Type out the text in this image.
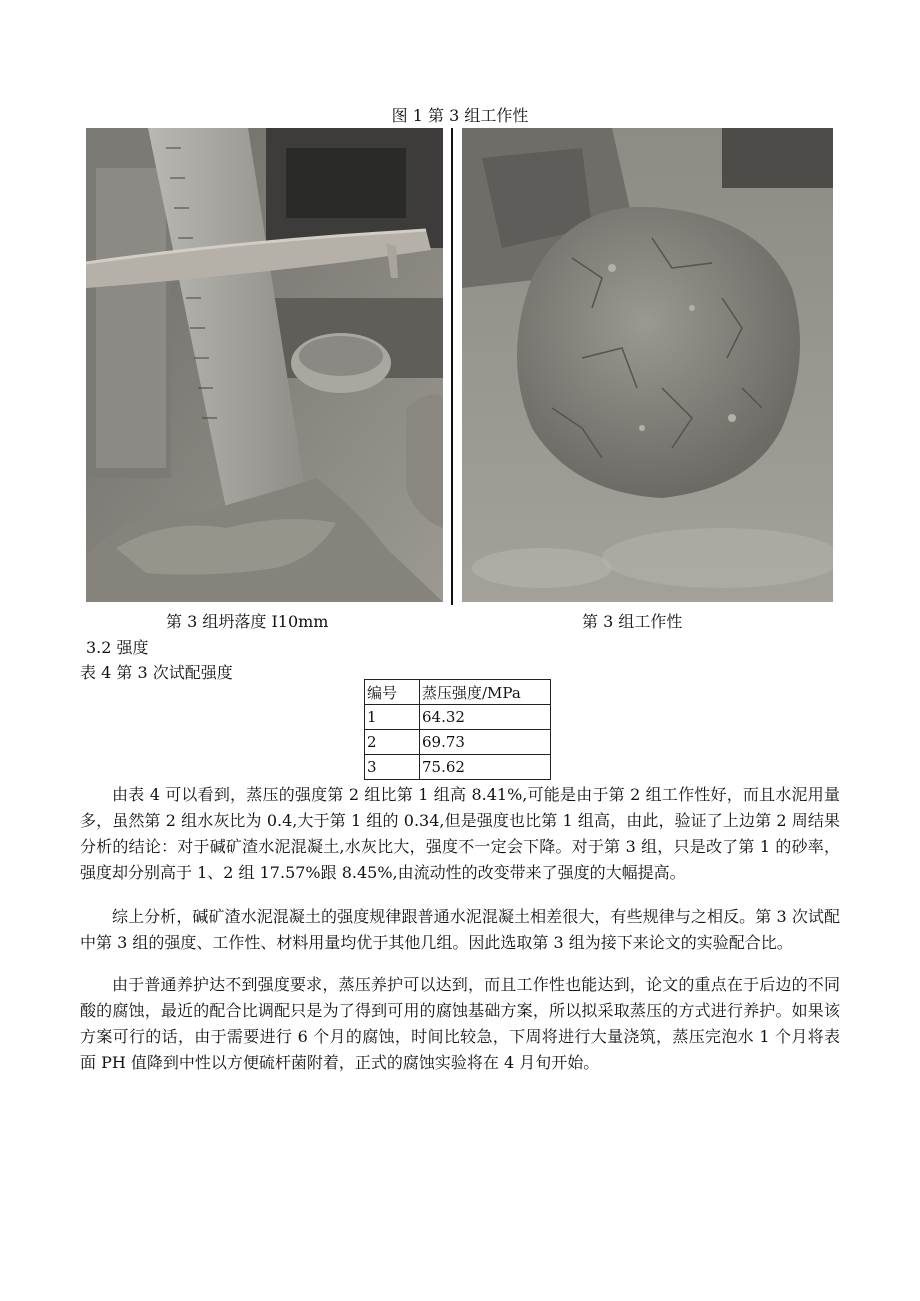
图 1 第 3 组工作性
第 3 组坍落度 I10mm	第 3 组工作性
3.2 强度
表 4 第 3 次试配强度
编号	蒸压强度/MPa
1	64.32
2	69.73
3	75.62
由表 4 可以看到，蒸压的强度第 2 组比第 1 组高 8.41%,可能是由于第 2 组工作性好，而且水泥用量多，虽然第 2 组水灰比为 0.4,大于第 1 组的 0.34,但是强度也比第 1 组高，由此，验证了上边第 2 周结果分析的结论：对于碱矿渣水泥混凝土,水灰比大，强度不一定会下降。对于第 3 组，只是改了第 1 的砂率，强度却分别高于 1、2 组 17.57%跟 8.45%,由流动性的改变带来了强度的大幅提高。
综上分析，碱矿渣水泥混凝土的强度规律跟普通水泥混凝土相差很大，有些规律与之相反。第 3 次试配中第 3 组的强度、工作性、材料用量均优于其他几组。因此选取第 3 组为接下来论文的实验配合比。
由于普通养护达不到强度要求，蒸压养护可以达到，而且工作性也能达到，论文的重点在于后边的不同酸的腐蚀，最近的配合比调配只是为了得到可用的腐蚀基础方案，所以拟采取蒸压的方式进行养护。如果该方案可行的话，由于需要进行 6 个月的腐蚀，时间比较急，下周将进行大量浇筑，蒸压完泡水 1 个月将表面 PH 值降到中性以方便硫杆菌附着，正式的腐蚀实验将在 4 月旬开始。
